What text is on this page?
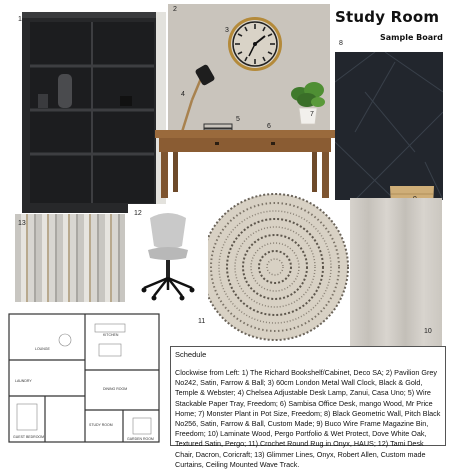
2
1
3
4
5
7
6
8
10
11
13
12
KITCHEN
DINING ROOM
LAUNDRY
LOUNGE
GUEST BEDROOM
STUDY ROOM
GARDEN ROOM
Study Room
Sample Board
Schedule
Clockwise from Left: 1) The Richard Bookshelf/Cabinet, Deco SA; 2) Pavilion Grey No242, Satin, Farrow & Ball; 3) 60cm London Metal Wall Clock, Black & Gold, Temple & Webster; 4) Chelsea Adjustable Desk Lamp, Zanui, Casa Uno; 5) Wire Stackable Paper Tray, Freedom; 6) Sambisa Office Desk, mango Wood, Mr Price Home; 7) Monster Plant in Pot Size, Freedom; 8) Black Geometric Wall, Pitch Black No256, Satin, Farrow & Ball, Custom Made; 9) Buco Wire Frame Magazine Bin, Freedom; 10) Laminate Wood, Pergo Portfolio & Wet Protect, Dove White Oak, Textured Satin, Pergo; 11) Crochet Round Rug in Onyx, HAUS; 12) Tami Desk Chair, Dacron, Coricraft; 13) Glimmer Lines, Onyx, Robert Allen, Custom made Curtains, Ceiling Mounted Wave Track.
